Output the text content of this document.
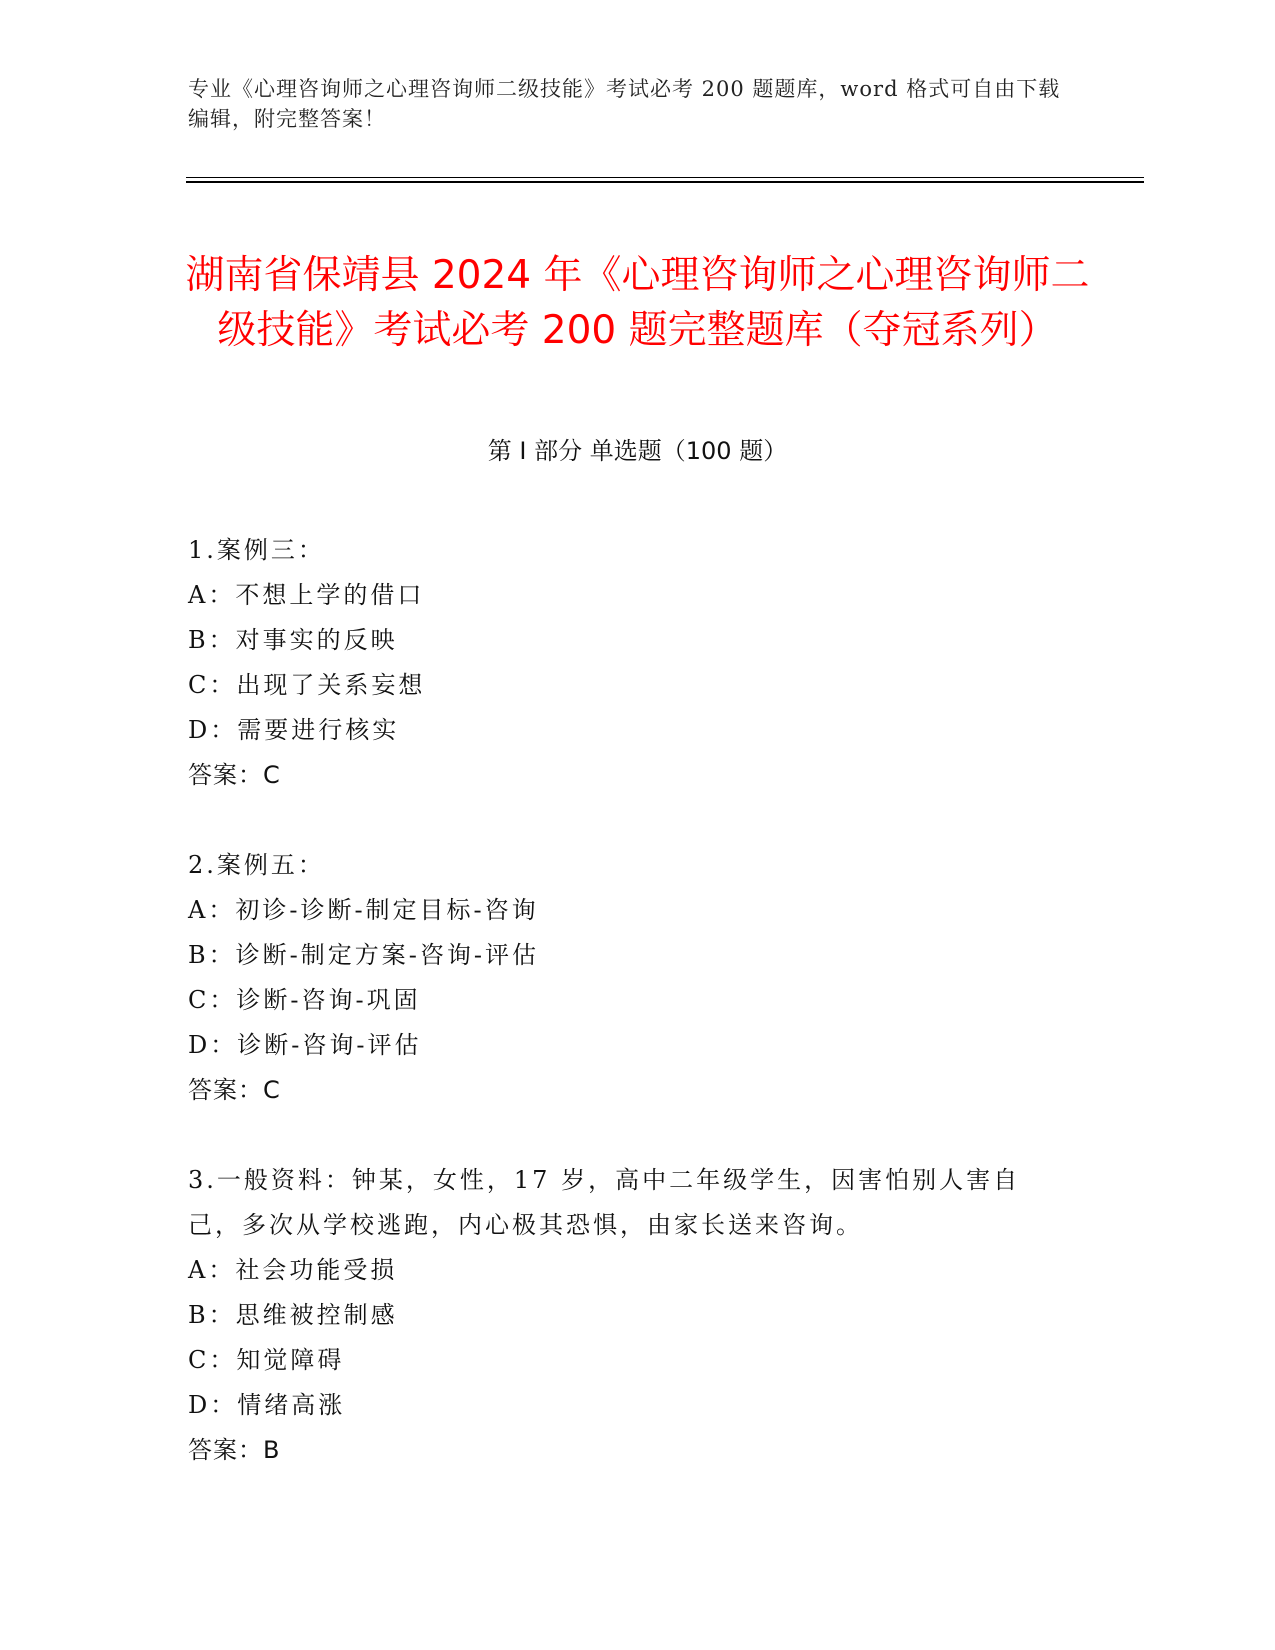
专业《心理咨询师之心理咨询师二级技能》考试必考 200 题题库，word 格式可自由下载编辑，附完整答案！
湖南省保靖县 2024 年《心理咨询师之心理咨询师二级技能》考试必考 200 题完整题库（夺冠系列）
第 I 部分 单选题（100 题）
1.案例三：
A：不想上学的借口
B：对事实的反映
C：出现了关系妄想
D：需要进行核实
答案：C
2.案例五：
A：初诊-诊断-制定目标-咨询
B：诊断-制定方案-咨询-评估
C：诊断-咨询-巩固
D：诊断-咨询-评估
答案：C
3.一般资料：钟某，女性，17 岁，高中二年级学生，因害怕别人害自己，多次从学校逃跑，内心极其恐惧，由家长送来咨询。
A：社会功能受损
B：思维被控制感
C：知觉障碍
D：情绪高涨
答案：B
